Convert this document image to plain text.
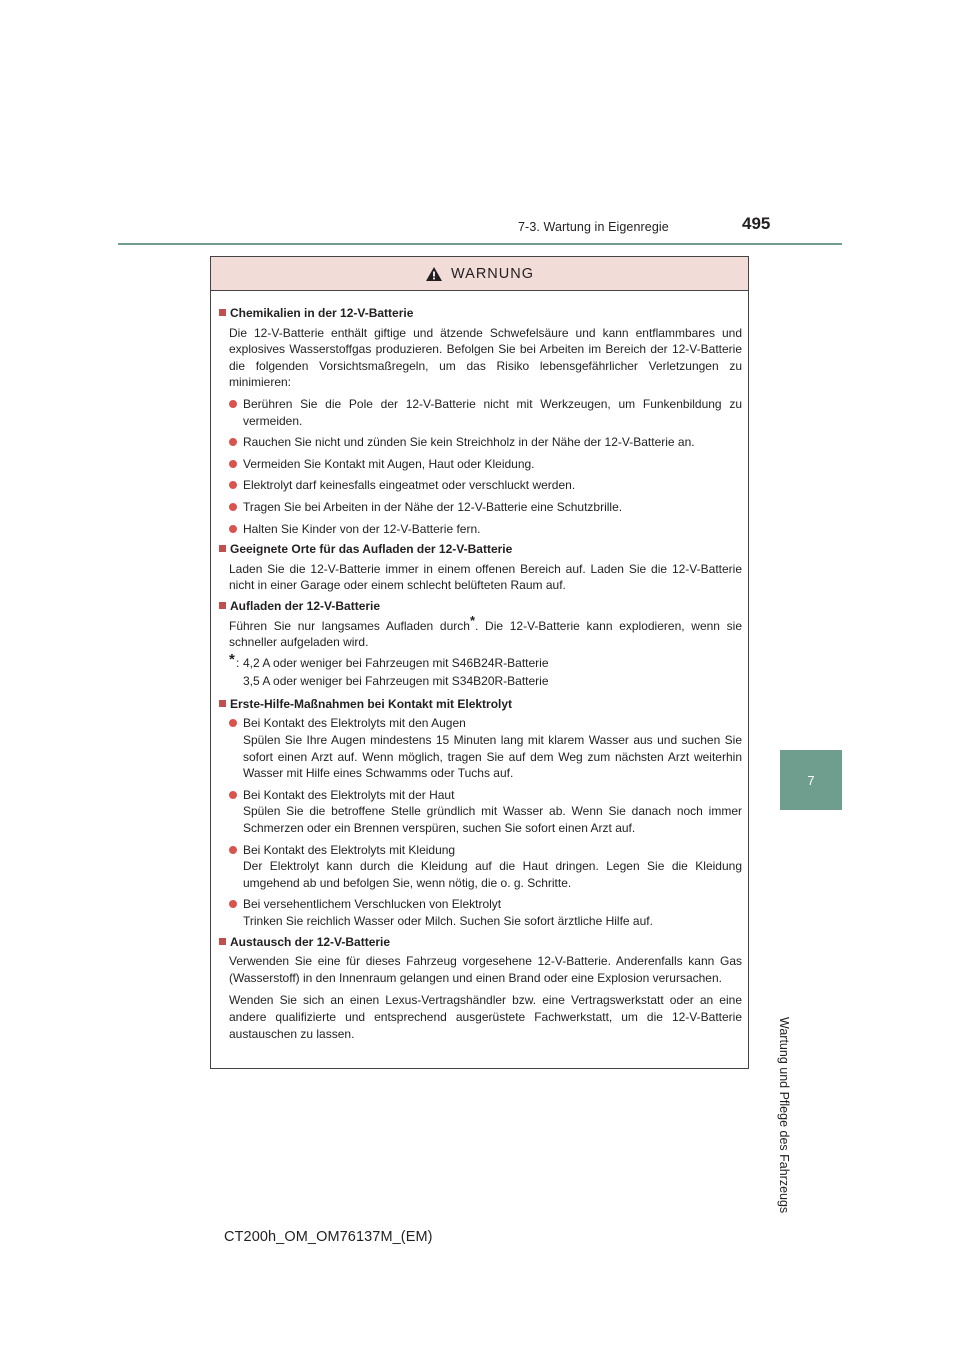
7-3. Wartung in Eigenregie	495
7
Wartung und Pflege des Fahrzeugs
WARNUNG
Chemikalien in der 12-V-Batterie
Die 12-V-Batterie enthält giftige und ätzende Schwefelsäure und kann entflammbares und explosives Wasserstoffgas produzieren. Befolgen Sie bei Arbeiten im Bereich der 12-V-Batterie die folgenden Vorsichtsmaßregeln, um das Risiko lebensgefährlicher Verletzungen zu minimieren:
Berühren Sie die Pole der 12-V-Batterie nicht mit Werkzeugen, um Funkenbildung zu vermeiden.
Rauchen Sie nicht und zünden Sie kein Streichholz in der Nähe der 12-V-Batterie an.
Vermeiden Sie Kontakt mit Augen, Haut oder Kleidung.
Elektrolyt darf keinesfalls eingeatmet oder verschluckt werden.
Tragen Sie bei Arbeiten in der Nähe der 12-V-Batterie eine Schutzbrille.
Halten Sie Kinder von der 12-V-Batterie fern.
Geeignete Orte für das Aufladen der 12-V-Batterie
Laden Sie die 12-V-Batterie immer in einem offenen Bereich auf. Laden Sie die 12-V-Batterie nicht in einer Garage oder einem schlecht belüfteten Raum auf.
Aufladen der 12-V-Batterie
Führen Sie nur langsames Aufladen durch*. Die 12-V-Batterie kann explodieren, wenn sie schneller aufgeladen wird.
* : 4,2 A oder weniger bei Fahrzeugen mit S46B24R-Batterie
3,5 A oder weniger bei Fahrzeugen mit S34B20R-Batterie
Erste-Hilfe-Maßnahmen bei Kontakt mit Elektrolyt
Bei Kontakt des Elektrolyts mit den Augen
Spülen Sie Ihre Augen mindestens 15 Minuten lang mit klarem Wasser aus und suchen Sie sofort einen Arzt auf. Wenn möglich, tragen Sie auf dem Weg zum nächsten Arzt weiterhin Wasser mit Hilfe eines Schwamms oder Tuchs auf.
Bei Kontakt des Elektrolyts mit der Haut
Spülen Sie die betroffene Stelle gründlich mit Wasser ab. Wenn Sie danach noch immer Schmerzen oder ein Brennen verspüren, suchen Sie sofort einen Arzt auf.
Bei Kontakt des Elektrolyts mit Kleidung
Der Elektrolyt kann durch die Kleidung auf die Haut dringen. Legen Sie die Kleidung umgehend ab und befolgen Sie, wenn nötig, die o. g. Schritte.
Bei versehentlichem Verschlucken von Elektrolyt
Trinken Sie reichlich Wasser oder Milch. Suchen Sie sofort ärztliche Hilfe auf.
Austausch der 12-V-Batterie
Verwenden Sie eine für dieses Fahrzeug vorgesehene 12-V-Batterie. Anderenfalls kann Gas (Wasserstoff) in den Innenraum gelangen und einen Brand oder eine Explosion verursachen.
Wenden Sie sich an einen Lexus-Vertragshändler bzw. eine Vertragswerkstatt oder an eine andere qualifizierte und entsprechend ausgerüstete Fachwerkstatt, um die 12-V-Batterie austauschen zu lassen.
CT200h_OM_OM76137M_(EM)
